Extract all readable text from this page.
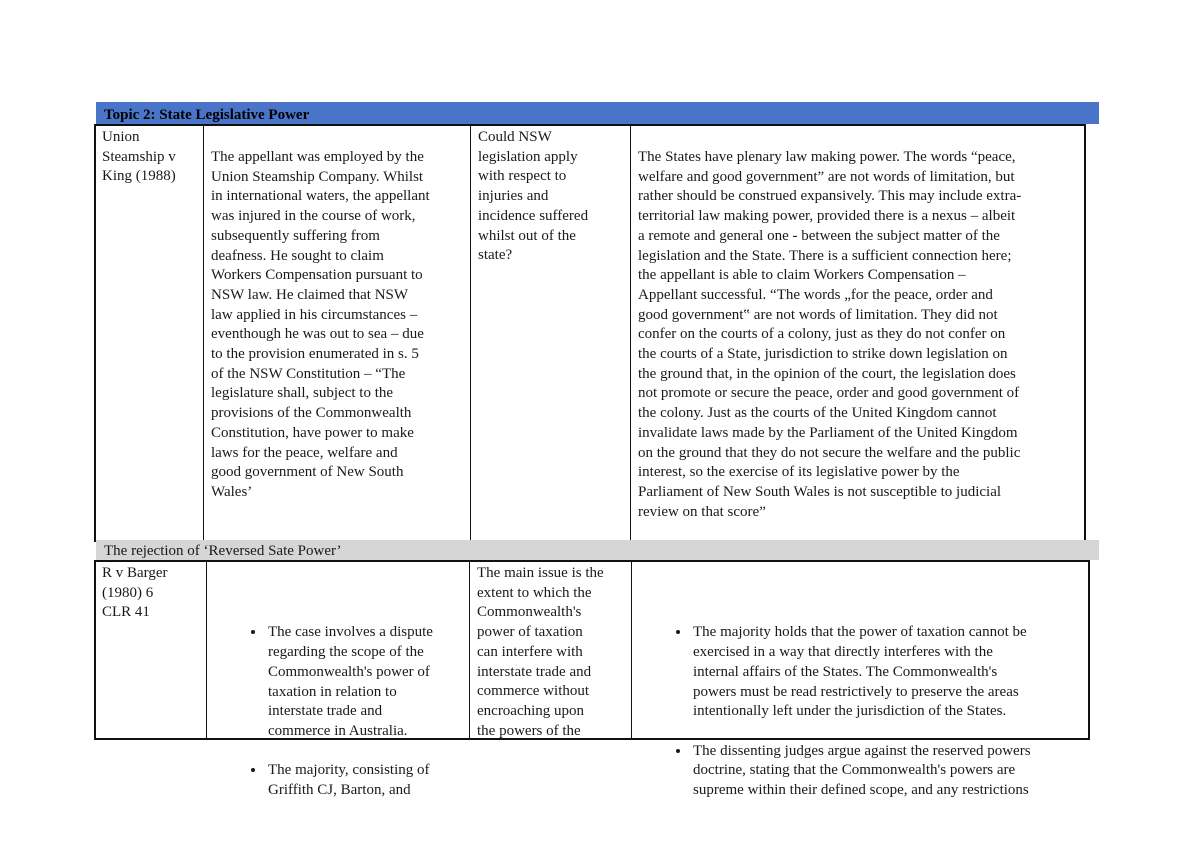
Topic 2: State Legislative Power
Union
Steamship v
King (1988)
The appellant was employed by the
Union Steamship Company. Whilst
in international waters, the appellant
was injured in the course of work,
subsequently suffering from
deafness. He sought to claim
Workers Compensation pursuant to
NSW law. He claimed that NSW
law applied in his circumstances –
eventhough he was out to sea – due
to the provision enumerated in s. 5
of the NSW Constitution – “The
legislature shall, subject to the
provisions of the Commonwealth
Constitution, have power to make
laws for the peace, welfare and
good government of New South
Wales’
Could NSW
legislation apply
with respect to
injuries and
incidence suffered
whilst out of the
state?
The States have plenary law making power. The words “peace,
welfare and good government” are not words of limitation, but
rather should be construed expansively. This may include extra-
territorial law making power, provided there is a nexus – albeit
a remote and general one - between the subject matter of the
legislation and the State. There is a sufficient connection here;
the appellant is able to claim Workers Compensation –
Appellant successful. “The words „for the peace, order and
good government‟ are not words of limitation. They did not
confer on the courts of a colony, just as they do not confer on
the courts of a State, jurisdiction to strike down legislation on
the ground that, in the opinion of the court, the legislation does
not promote or secure the peace, order and good government of
the colony. Just as the courts of the United Kingdom cannot
invalidate laws made by the Parliament of the United Kingdom
on the ground that they do not secure the welfare and the public
interest, so the exercise of its legislative power by the
Parliament of New South Wales is not susceptible to judicial
review on that score”
The rejection of ‘Reversed Sate Power’
R v Barger
(1980) 6
CLR 41

• The case involves a dispute
regarding the scope of the
Commonwealth's power of
taxation in relation to
interstate trade and
commerce in Australia.

• The majority, consisting of
Griffith CJ, Barton, and

The main issue is the
extent to which the
Commonwealth's
power of taxation
can interfere with
interstate trade and
commerce without
encroaching upon
the powers of the

• The majority holds that the power of taxation cannot be
exercised in a way that directly interferes with the
internal affairs of the States. The Commonwealth's
powers must be read restrictively to preserve the areas
intentionally left under the jurisdiction of the States.

• The dissenting judges argue against the reserved powers
doctrine, stating that the Commonwealth's powers are
supreme within their defined scope, and any restrictions
